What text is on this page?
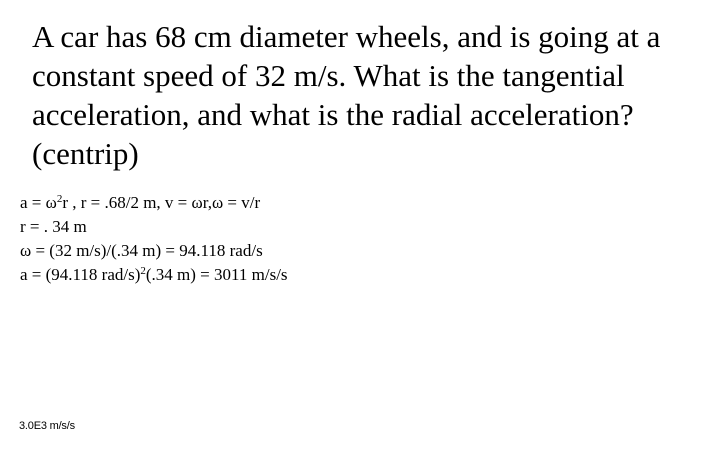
A car has 68 cm diameter wheels, and is going at a
constant speed of 32 m/s. What is the tangential
acceleration, and what is the radial acceleration?
(centrip)
$a = \omega^2r$ , r = .68/2 m, v = ωr,ω = v/r
r = . 34 m
ω = (32 m/s)/(.34 m) = 94.118 rad/s
a = (94.118 rad/s)$^2$(.34 m) = 3011 m/s/s
3.0E3 m/s/s
